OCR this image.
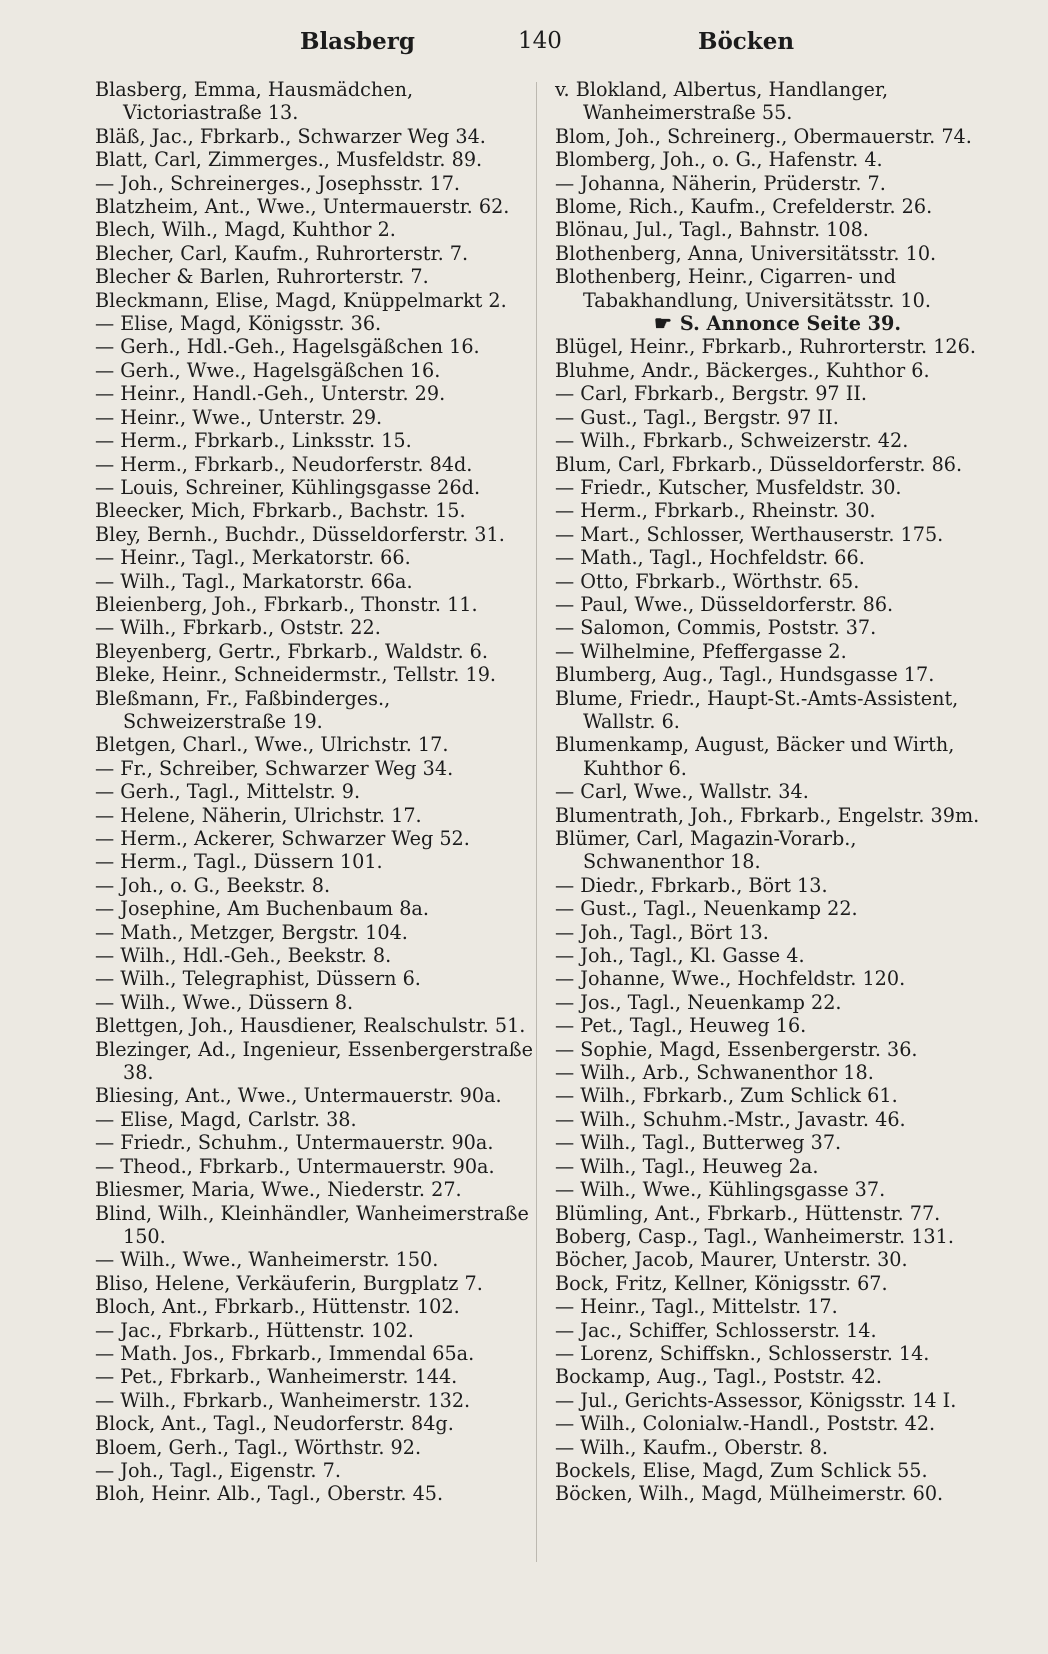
Blasberg	140	Böcken

Blasberg, Emma, Hausmädchen, Victoriastraße 13.

Bläß, Jac., Fbrkarb., Schwarzer Weg 34.

Blatt, Carl, Zimmerges., Musfeldstr. 89.

— Joh., Schreinerges., Josephsstr. 17.

Blatzheim, Ant., Wwe., Untermauerstr. 62.

Blech, Wilh., Magd, Kuhthor 2.

Blecher, Carl, Kaufm., Ruhrorterstr. 7.

Blecher & Barlen, Ruhrorterstr. 7.

Bleckmann, Elise, Magd, Knüppelmarkt 2.

— Elise, Magd, Königsstr. 36.

— Gerh., Hdl.-Geh., Hagelsgäßchen 16.

— Gerh., Wwe., Hagelsgäßchen 16.

— Heinr., Handl.-Geh., Unterstr. 29.

— Heinr., Wwe., Unterstr. 29.

— Herm., Fbrkarb., Linksstr. 15.

— Herm., Fbrkarb., Neudorferstr. 84d.

— Louis, Schreiner, Kühlingsgasse 26d.

Bleecker, Mich, Fbrkarb., Bachstr. 15.

Bley, Bernh., Buchdr., Düsseldorferstr. 31.

— Heinr., Tagl., Merkatorstr. 66.

— Wilh., Tagl., Markatorstr. 66a.

Bleienberg, Joh., Fbrkarb., Thonstr. 11.

— Wilh., Fbrkarb., Oststr. 22.

Bleyenberg, Gertr., Fbrkarb., Waldstr. 6.

Bleke, Heinr., Schneidermstr., Tellstr. 19.

Bleßmann, Fr., Faßbinderges., Schweizerstraße 19.

Bletgen, Charl., Wwe., Ulrichstr. 17.

— Fr., Schreiber, Schwarzer Weg 34.

— Gerh., Tagl., Mittelstr. 9.

— Helene, Näherin, Ulrichstr. 17.

— Herm., Ackerer, Schwarzer Weg 52.

— Herm., Tagl., Düssern 101.

— Joh., o. G., Beekstr. 8.

— Josephine, Am Buchenbaum 8a.

— Math., Metzger, Bergstr. 104.

— Wilh., Hdl.-Geh., Beekstr. 8.

— Wilh., Telegraphist, Düssern 6.

— Wilh., Wwe., Düssern 8.

Blettgen, Joh., Hausdiener, Realschulstr. 51.

Blezinger, Ad., Ingenieur, Essenbergerstraße 38.

Bliesing, Ant., Wwe., Untermauerstr. 90a.

— Elise, Magd, Carlstr. 38.

— Friedr., Schuhm., Untermauerstr. 90a.

— Theod., Fbrkarb., Untermauerstr. 90a.

Bliesmer, Maria, Wwe., Niederstr. 27.

Blind, Wilh., Kleinhändler, Wanheimerstraße 150.

— Wilh., Wwe., Wanheimerstr. 150.

Bliso, Helene, Verkäuferin, Burgplatz 7.

Bloch, Ant., Fbrkarb., Hüttenstr. 102.

— Jac., Fbrkarb., Hüttenstr. 102.

— Math. Jos., Fbrkarb., Immendal 65a.

— Pet., Fbrkarb., Wanheimerstr. 144.

— Wilh., Fbrkarb., Wanheimerstr. 132.

Block, Ant., Tagl., Neudorferstr. 84g.

Bloem, Gerh., Tagl., Wörthstr. 92.

— Joh., Tagl., Eigenstr. 7.

Bloh, Heinr. Alb., Tagl., Oberstr. 45.

v. Blokland, Albertus, Handlanger, Wanheimerstraße 55.

Blom, Joh., Schreinerg., Obermauerstr. 74.

Blomberg, Joh., o. G., Hafenstr. 4.

— Johanna, Näherin, Prüderstr. 7.

Blome, Rich., Kaufm., Crefelderstr. 26.

Blönau, Jul., Tagl., Bahnstr. 108.

Blothenberg, Anna, Universitätsstr. 10.

Blothenberg, Heinr., Cigarren- und Tabakhandlung, Universitätsstr. 10.

☛ S. Annonce Seite 39.

Blügel, Heinr., Fbrkarb., Ruhrorterstr. 126.

Bluhme, Andr., Bäckerges., Kuhthor 6.

— Carl, Fbrkarb., Bergstr. 97 II.

— Gust., Tagl., Bergstr. 97 II.

— Wilh., Fbrkarb., Schweizerstr. 42.

Blum, Carl, Fbrkarb., Düsseldorferstr. 86.

— Friedr., Kutscher, Musfeldstr. 30.

— Herm., Fbrkarb., Rheinstr. 30.

— Mart., Schlosser, Werthauserstr. 175.

— Math., Tagl., Hochfeldstr. 66.

— Otto, Fbrkarb., Wörthstr. 65.

— Paul, Wwe., Düsseldorferstr. 86.

— Salomon, Commis, Poststr. 37.

— Wilhelmine, Pfeffergasse 2.

Blumberg, Aug., Tagl., Hundsgasse 17.

Blume, Friedr., Haupt-St.-Amts-Assistent, Wallstr. 6.

Blumenkamp, August, Bäcker und Wirth, Kuhthor 6.

— Carl, Wwe., Wallstr. 34.

Blumentrath, Joh., Fbrkarb., Engelstr. 39m.

Blümer, Carl, Magazin-Vorarb., Schwanenthor 18.

— Diedr., Fbrkarb., Bört 13.

— Gust., Tagl., Neuenkamp 22.

— Joh., Tagl., Bört 13.

— Joh., Tagl., Kl. Gasse 4.

— Johanne, Wwe., Hochfeldstr. 120.

— Jos., Tagl., Neuenkamp 22.

— Pet., Tagl., Heuweg 16.

— Sophie, Magd, Essenbergerstr. 36.

— Wilh., Arb., Schwanenthor 18.

— Wilh., Fbrkarb., Zum Schlick 61.

— Wilh., Schuhm.-Mstr., Javastr. 46.

— Wilh., Tagl., Butterweg 37.

— Wilh., Tagl., Heuweg 2a.

— Wilh., Wwe., Kühlingsgasse 37.

Blümling, Ant., Fbrkarb., Hüttenstr. 77.

Boberg, Casp., Tagl., Wanheimerstr. 131.

Böcher, Jacob, Maurer, Unterstr. 30.

Bock, Fritz, Kellner, Königsstr. 67.

— Heinr., Tagl., Mittelstr. 17.

— Jac., Schiffer, Schlosserstr. 14.

— Lorenz, Schiffskn., Schlosserstr. 14.

Bockamp, Aug., Tagl., Poststr. 42.

— Jul., Gerichts-Assessor, Königsstr. 14 I.

— Wilh., Colonialw.-Handl., Poststr. 42.

— Wilh., Kaufm., Oberstr. 8.

Bockels, Elise, Magd, Zum Schlick 55.

Böcken, Wilh., Magd, Mülheimerstr. 60.
